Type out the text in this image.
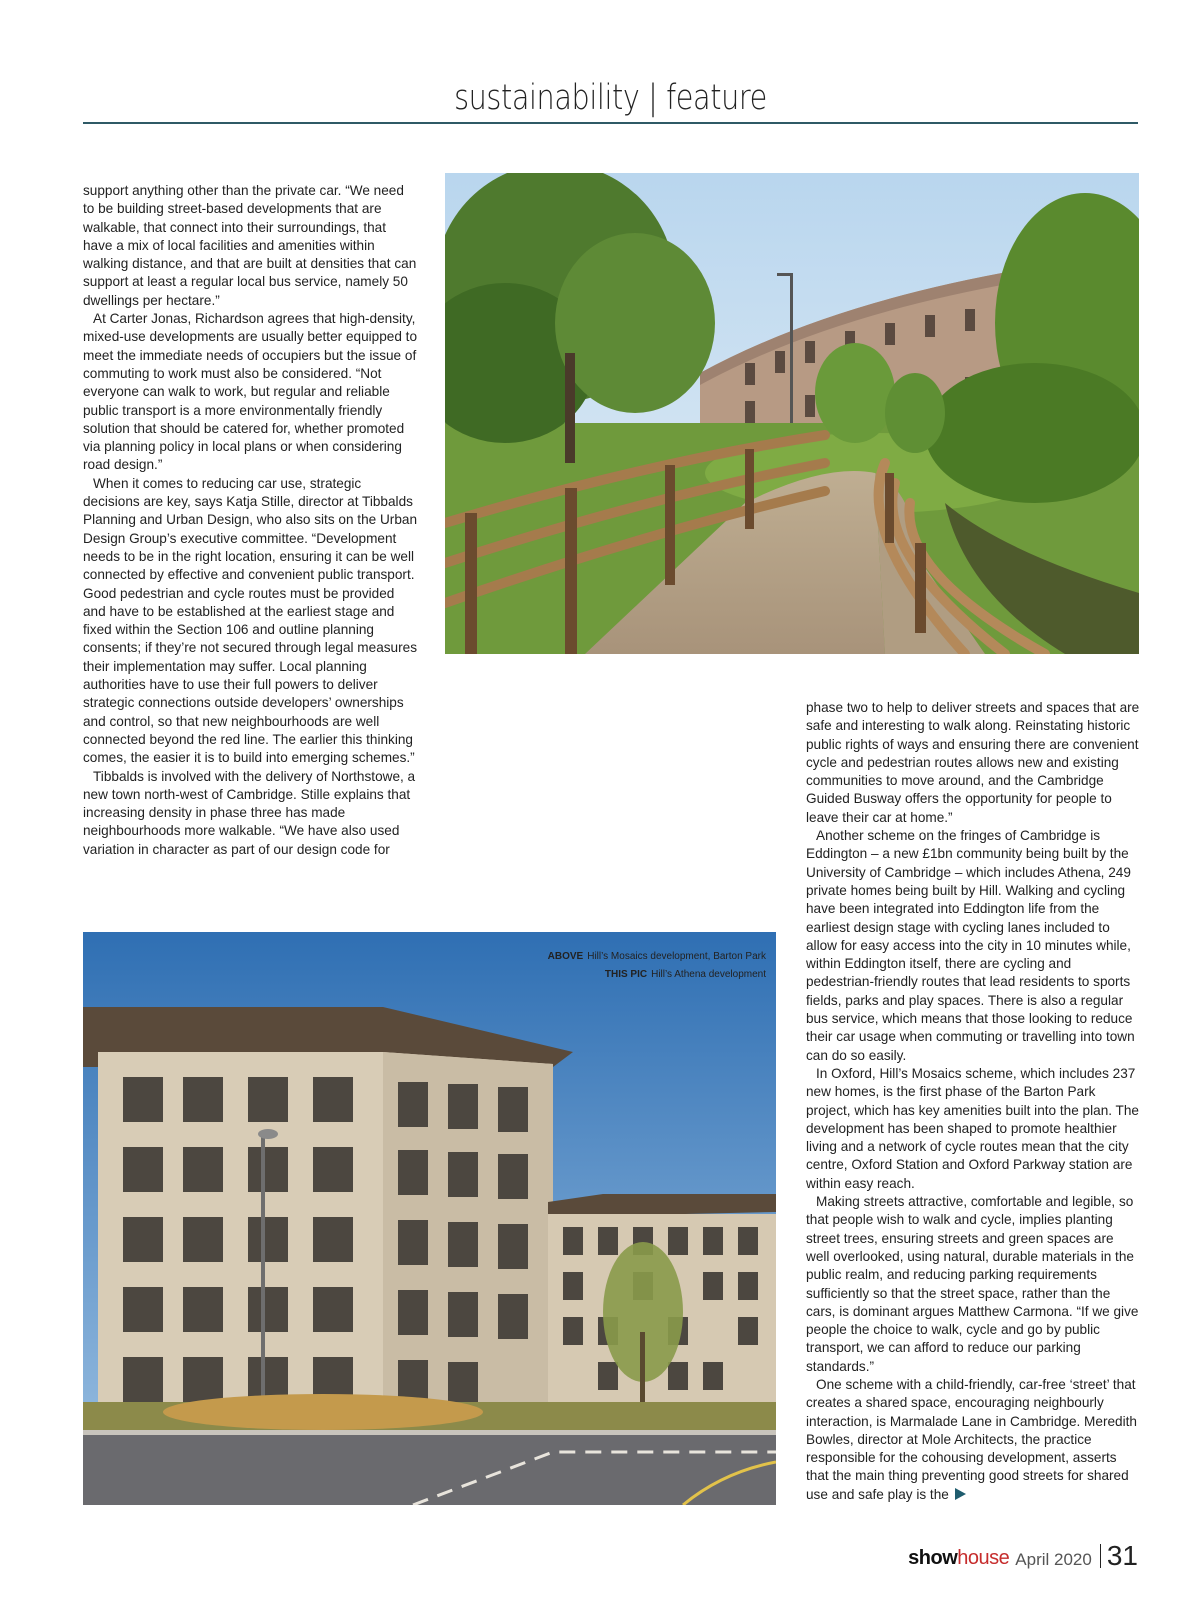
sustainability | feature

support anything other than the private car. “We need to be building street-based developments that are walkable, that connect into their surroundings, that have a mix of local facilities and amenities within walking distance, and that are built at densities that can support at least a regular local bus service, namely 50 dwellings per hectare.”

At Carter Jonas, Richardson agrees that high-density, mixed-use developments are usually better equipped to meet the immediate needs of occupiers but the issue of commuting to work must also be considered. “Not everyone can walk to work, but regular and reliable public transport is a more environmentally friendly solution that should be catered for, whether promoted via planning policy in local plans or when considering road design.”

When it comes to reducing car use, strategic decisions are key, says Katja Stille, director at Tibbalds Planning and Urban Design, who also sits on the Urban Design Group’s executive committee. “Development needs to be in the right location, ensuring it can be well connected by effective and convenient public transport. Good pedestrian and cycle routes must be provided and have to be established at the earliest stage and fixed within the Section 106 and outline planning consents; if they’re not secured through legal measures their implementation may suffer. Local planning authorities have to use their full powers to deliver strategic connections outside developers’ ownerships and control, so that new neighbourhoods are well connected beyond the red line. The earlier this thinking comes, the easier it is to build into emerging schemes.”

Tibbalds is involved with the delivery of Northstowe, a new town north-west of Cambridge. Stille explains that increasing density in phase three has made neighbourhoods more walkable. “We have also used variation in character as part of our design code for

phase two to help to deliver streets and spaces that are safe and interesting to walk along. Reinstating historic public rights of ways and ensuring there are convenient cycle and pedestrian routes allows new and existing communities to move around, and the Cambridge Guided Busway offers the opportunity for people to leave their car at home.”

Another scheme on the fringes of Cambridge is Eddington – a new £1bn community being built by the University of Cambridge – which includes Athena, 249 private homes being built by Hill. Walking and cycling have been integrated into Eddington life from the earliest design stage with cycling lanes included to allow for easy access into the city in 10 minutes while, within Eddington itself, there are cycling and pedestrian-friendly routes that lead residents to sports fields, parks and play spaces. There is also a regular bus service, which means that those looking to reduce their car usage when commuting or travelling into town can do so easily.

In Oxford, Hill’s Mosaics scheme, which includes 237 new homes, is the first phase of the Barton Park project, which has key amenities built into the plan. The development has been shaped to promote healthier living and a network of cycle routes mean that the city centre, Oxford Station and Oxford Parkway station are within easy reach.

Making streets attractive, comfortable and legible, so that people wish to walk and cycle, implies planting street trees, ensuring streets and green spaces are well overlooked, using natural, durable materials in the public realm, and reducing parking requirements sufficiently so that the street space, rather than the cars, is dominant argues Matthew Carmona. “If we give people the choice to walk, cycle and go by public transport, we can afford to reduce our parking standards.”

One scheme with a child-friendly, car-free ‘street’ that creates a shared space, encouraging neighbourly interaction, is Marmalade Lane in Cambridge. Meredith Bowles, director at Mole Architects, the practice responsible for the cohousing development, asserts that the main thing preventing good streets for shared use and safe play is the

ABOVE Hill’s Mosaics development, Barton Park
THIS PIC Hill’s Athena development
show house April 2020 31
